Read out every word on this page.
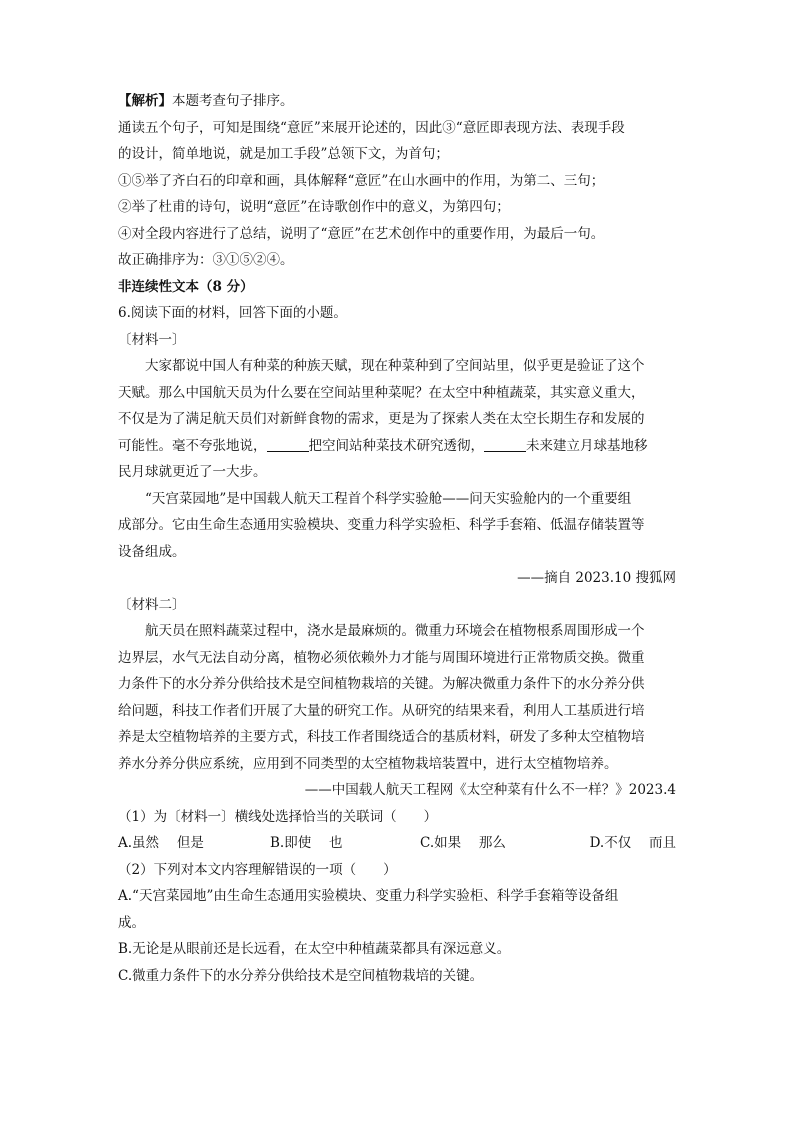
【解析】本题考查句子排序。
通读五个句子，可知是围绕“意匠”来展开论述的，因此③“意匠即表现方法、表现手段
的设计，简单地说，就是加工手段”总领下文，为首句；
①⑤举了齐白石的印章和画，具体解释“意匠”在山水画中的作用，为第二、三句；
②举了杜甫的诗句，说明“意匠”在诗歌创作中的意义，为第四句；
④对全段内容进行了总结，说明了“意匠”在艺术创作中的重要作用，为最后一句。
故正确排序为：③①⑤②④。
非连续性文本（8 分）
6.阅读下面的材料，回答下面的小题。
〔材料一〕
大家都说中国人有种菜的种族天赋，现在种菜种到了空间站里，似乎更是验证了这个
天赋。那么中国航天员为什么要在空间站里种菜呢？在太空中种植蔬菜，其实意义重大，
不仅是为了满足航天员们对新鲜食物的需求，更是为了探索人类在太空长期生存和发展的
可能性。毫不夸张地说，	把空间站种菜技术研究透彻，	未来建立月球基地移
民月球就更近了一大步。
“天宫菜园地”是中国载人航天工程首个科学实验舱——问天实验舱内的一个重要组
成部分。它由生命生态通用实验模块、变重力科学实验柜、科学手套箱、低温存储装置等
设备组成。
——摘自 2023.10 搜狐网
〔材料二〕
航天员在照料蔬菜过程中，浇水是最麻烦的。微重力环境会在植物根系周围形成一个
边界层，水气无法自动分离，植物必须依赖外力才能与周围环境进行正常物质交换。微重
力条件下的水分养分供给技术是空间植物栽培的关键。为解决微重力条件下的水分养分供
给问题，科技工作者们开展了大量的研究工作。从研究的结果来看，利用人工基质进行培
养是太空植物培养的主要方式，科技工作者围绕适合的基质材料，研发了多种太空植物培
养水分养分供应系统，应用到不同类型的太空植物栽培装置中，进行太空植物培养。
——中国载人航天工程网《太空种菜有什么不一样？》2023.4
（1）为〔材料一〕横线处选择恰当的关联词（　　）
A.虽然　 但是	B.即使　 也	C.如果　 那么	D.不仅　 而且
（2）下列对本文内容理解错误的一项（　　）
A.“天宫菜园地”由生命生态通用实验模块、变重力科学实验柜、科学手套箱等设备组
成。
B.无论是从眼前还是长远看，在太空中种植蔬菜都具有深远意义。
C.微重力条件下的水分养分供给技术是空间植物栽培的关键。
